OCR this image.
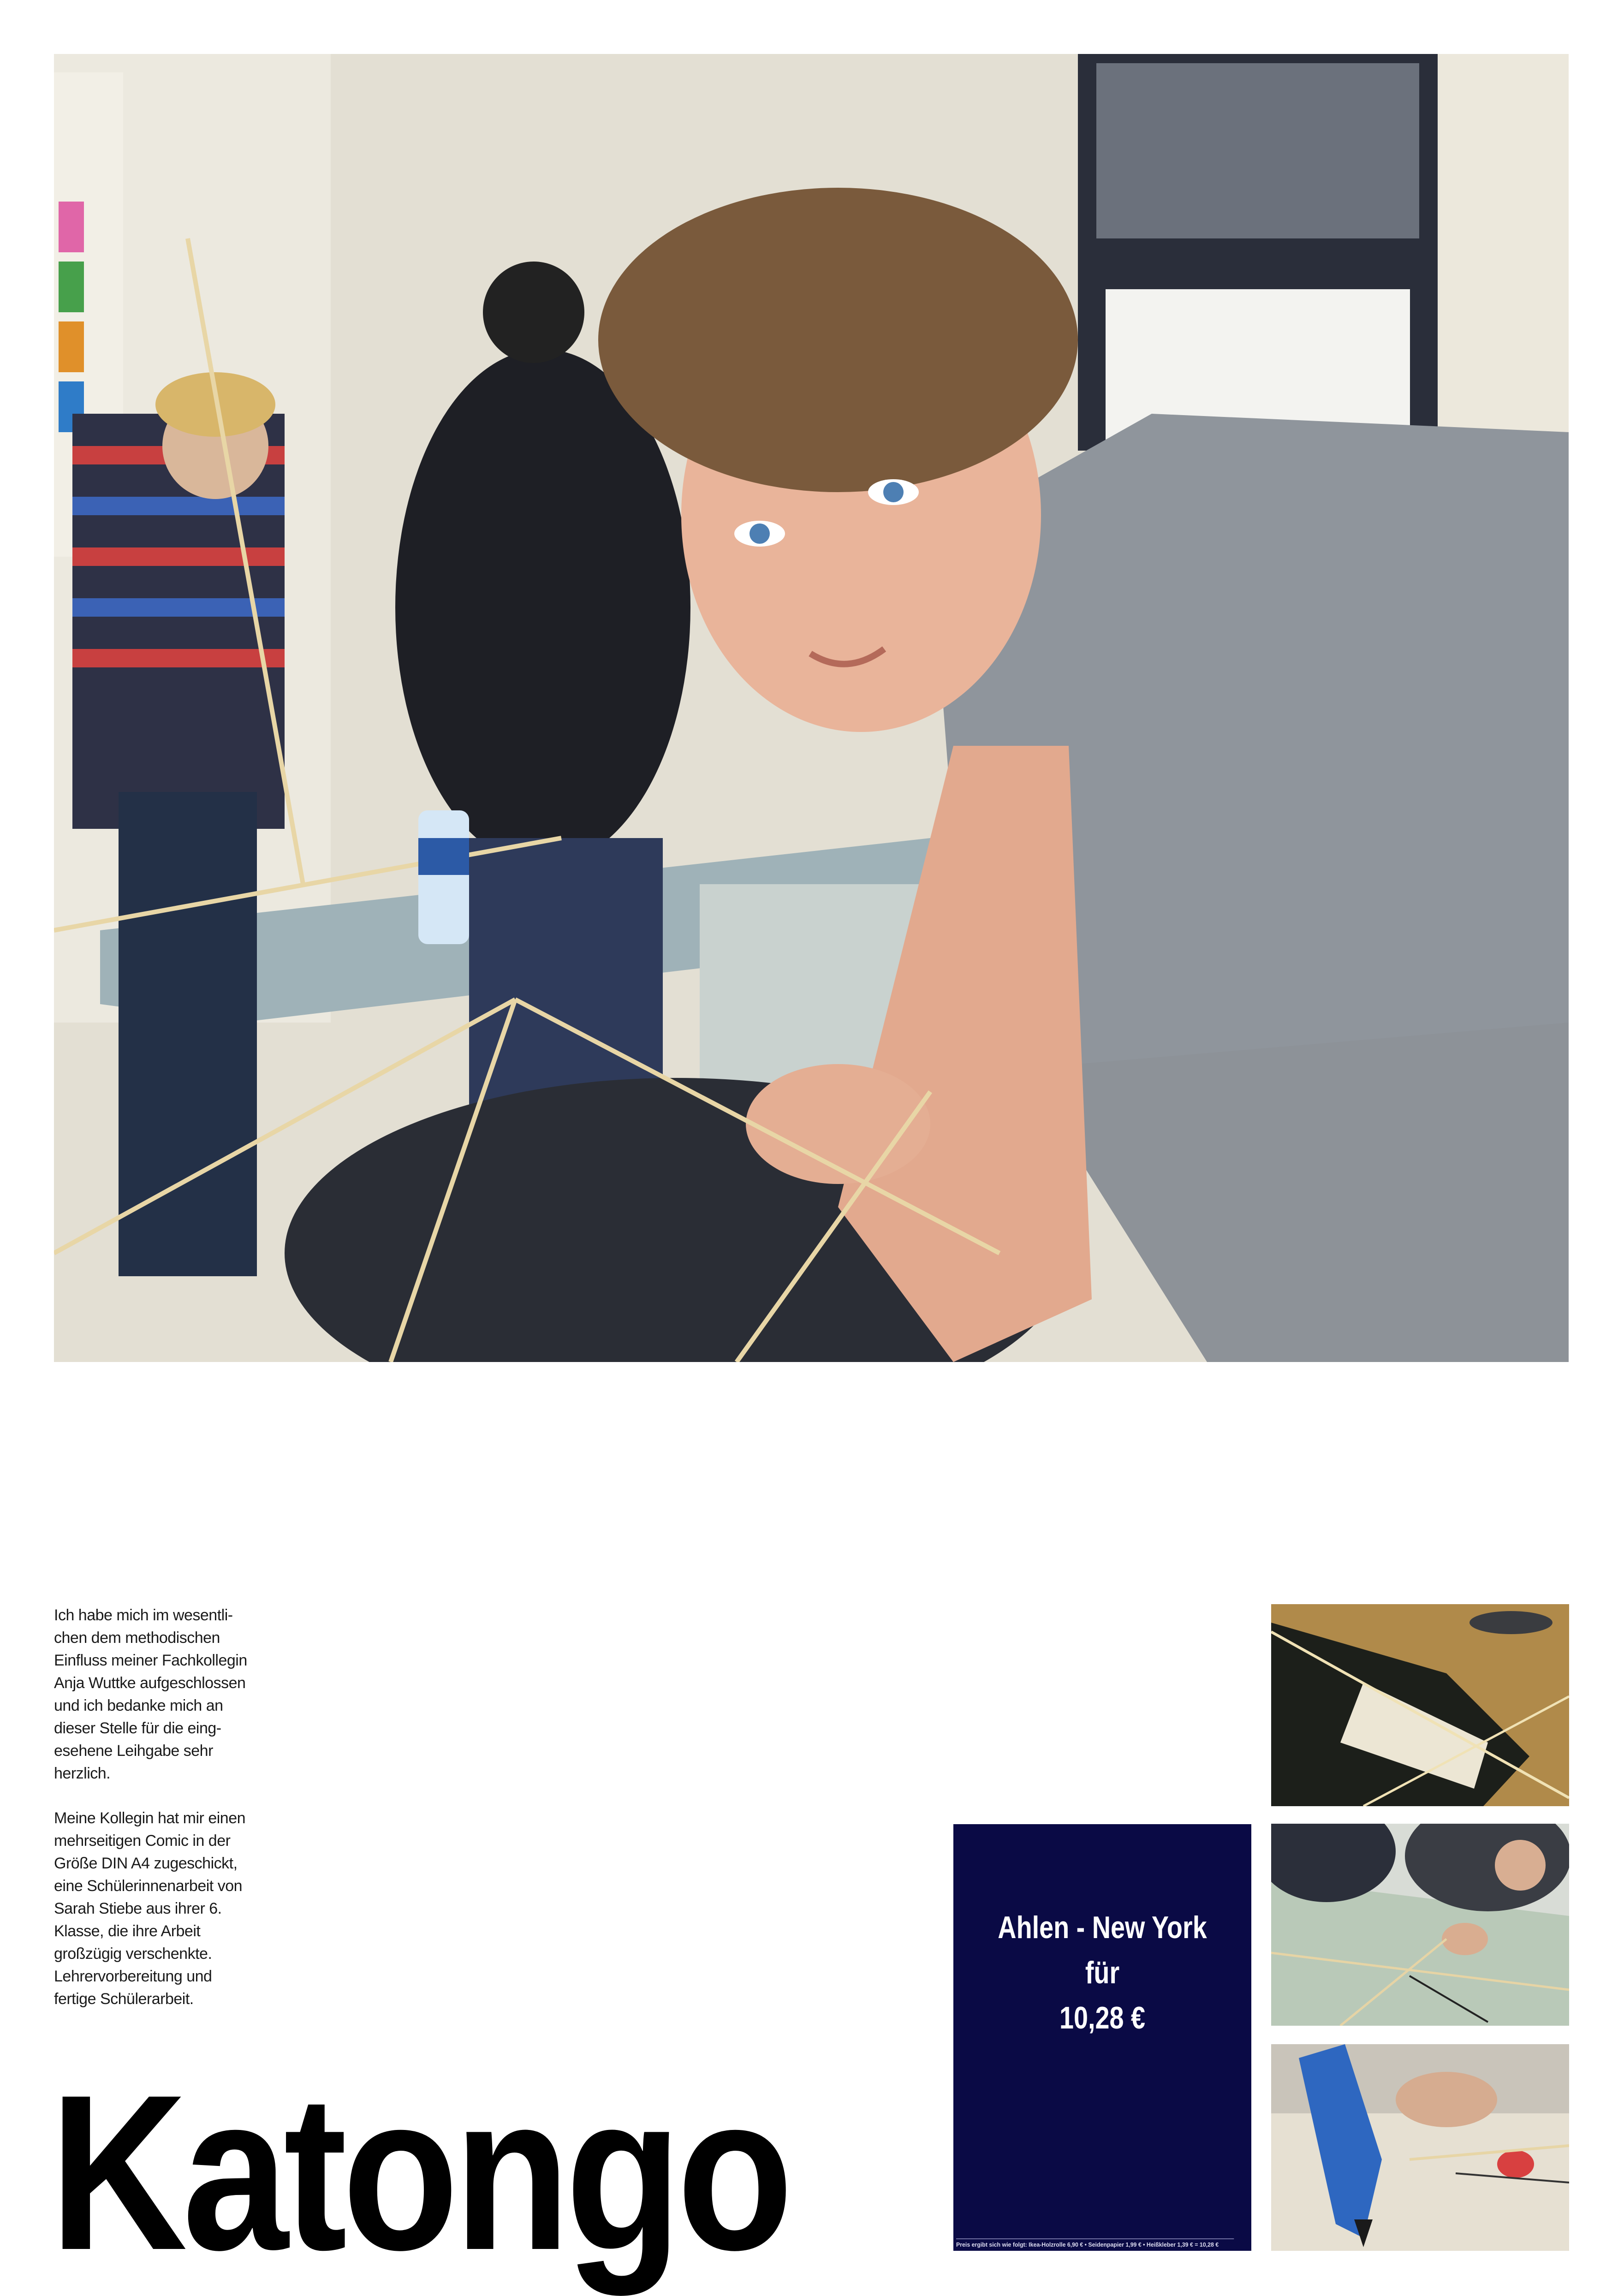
Ich habe mich im wesentli-
chen dem methodischen
Einfluss meiner Fachkollegin
Anja Wuttke aufgeschlossen
und ich bedanke mich an
dieser Stelle für die eing-
esehene Leihgabe sehr
herzlich.

Meine Kollegin hat mir einen
mehrseitigen Comic in der
Größe DIN A4 zugeschickt,
eine Schülerinnenarbeit von
Sarah Stiebe aus ihrer 6.
Klasse, die ihre Arbeit
großzügig verschenkte.
Lehrervorbereitung und
fertige Schülerarbeit.

Katongo
Ahlen - New York
für
10,28 €
Preis ergibt sich wie folgt: Ikea-Holzrolle 6,90 € • Seidenpapier 1,99 € • Heißkleber 1,39 € = 10,28 €
